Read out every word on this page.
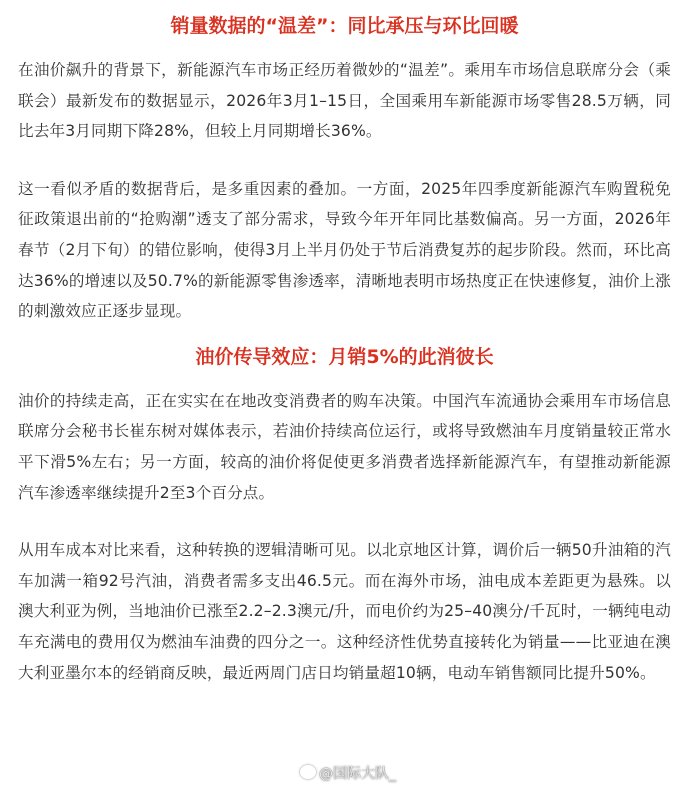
销量数据的“温差”：同比承压与环比回暖

在油价飙升的背景下，新能源汽车市场正经历着微妙的“温差”。乘用车市场信息联席分会（乘联会）最新发布的数据显示，2026年3月1–15日，全国乘用车新能源市场零售28.5万辆，同比去年3月同期下降28%，但较上月同期增长36%。

这一看似矛盾的数据背后，是多重因素的叠加。一方面，2025年四季度新能源汽车购置税免征政策退出前的“抢购潮”透支了部分需求，导致今年开年同比基数偏高。另一方面，2026年春节（2月下旬）的错位影响，使得3月上半月仍处于节后消费复苏的起步阶段。然而，环比高达36%的增速以及50.7%的新能源零售渗透率，清晰地表明市场热度正在快速修复，油价上涨的刺激效应正逐步显现。

油价传导效应：月销5%的此消彼长

油价的持续走高，正在实实在在地改变消费者的购车决策。中国汽车流通协会乘用车市场信息联席分会秘书长崔东树对媒体表示，若油价持续高位运行，或将导致燃油车月度销量较正常水平下滑5%左右；另一方面，较高的油价将促使更多消费者选择新能源汽车，有望推动新能源汽车渗透率继续提升2至3个百分点。

从用车成本对比来看，这种转换的逻辑清晰可见。以北京地区计算，调价后一辆50升油箱的汽车加满一箱92号汽油，消费者需多支出46.5元。而在海外市场，油电成本差距更为悬殊。以澳大利亚为例，当地油价已涨至2.2–2.3澳元/升，而电价约为25–40澳分/千瓦时，一辆纯电动车充满电的费用仅为燃油车油费的四分之一。这种经济性优势直接转化为销量——比亚迪在澳大利亚墨尔本的经销商反映，最近两周门店日均销量超10辆，电动车销售额同比提升50%。

@国际大队_
